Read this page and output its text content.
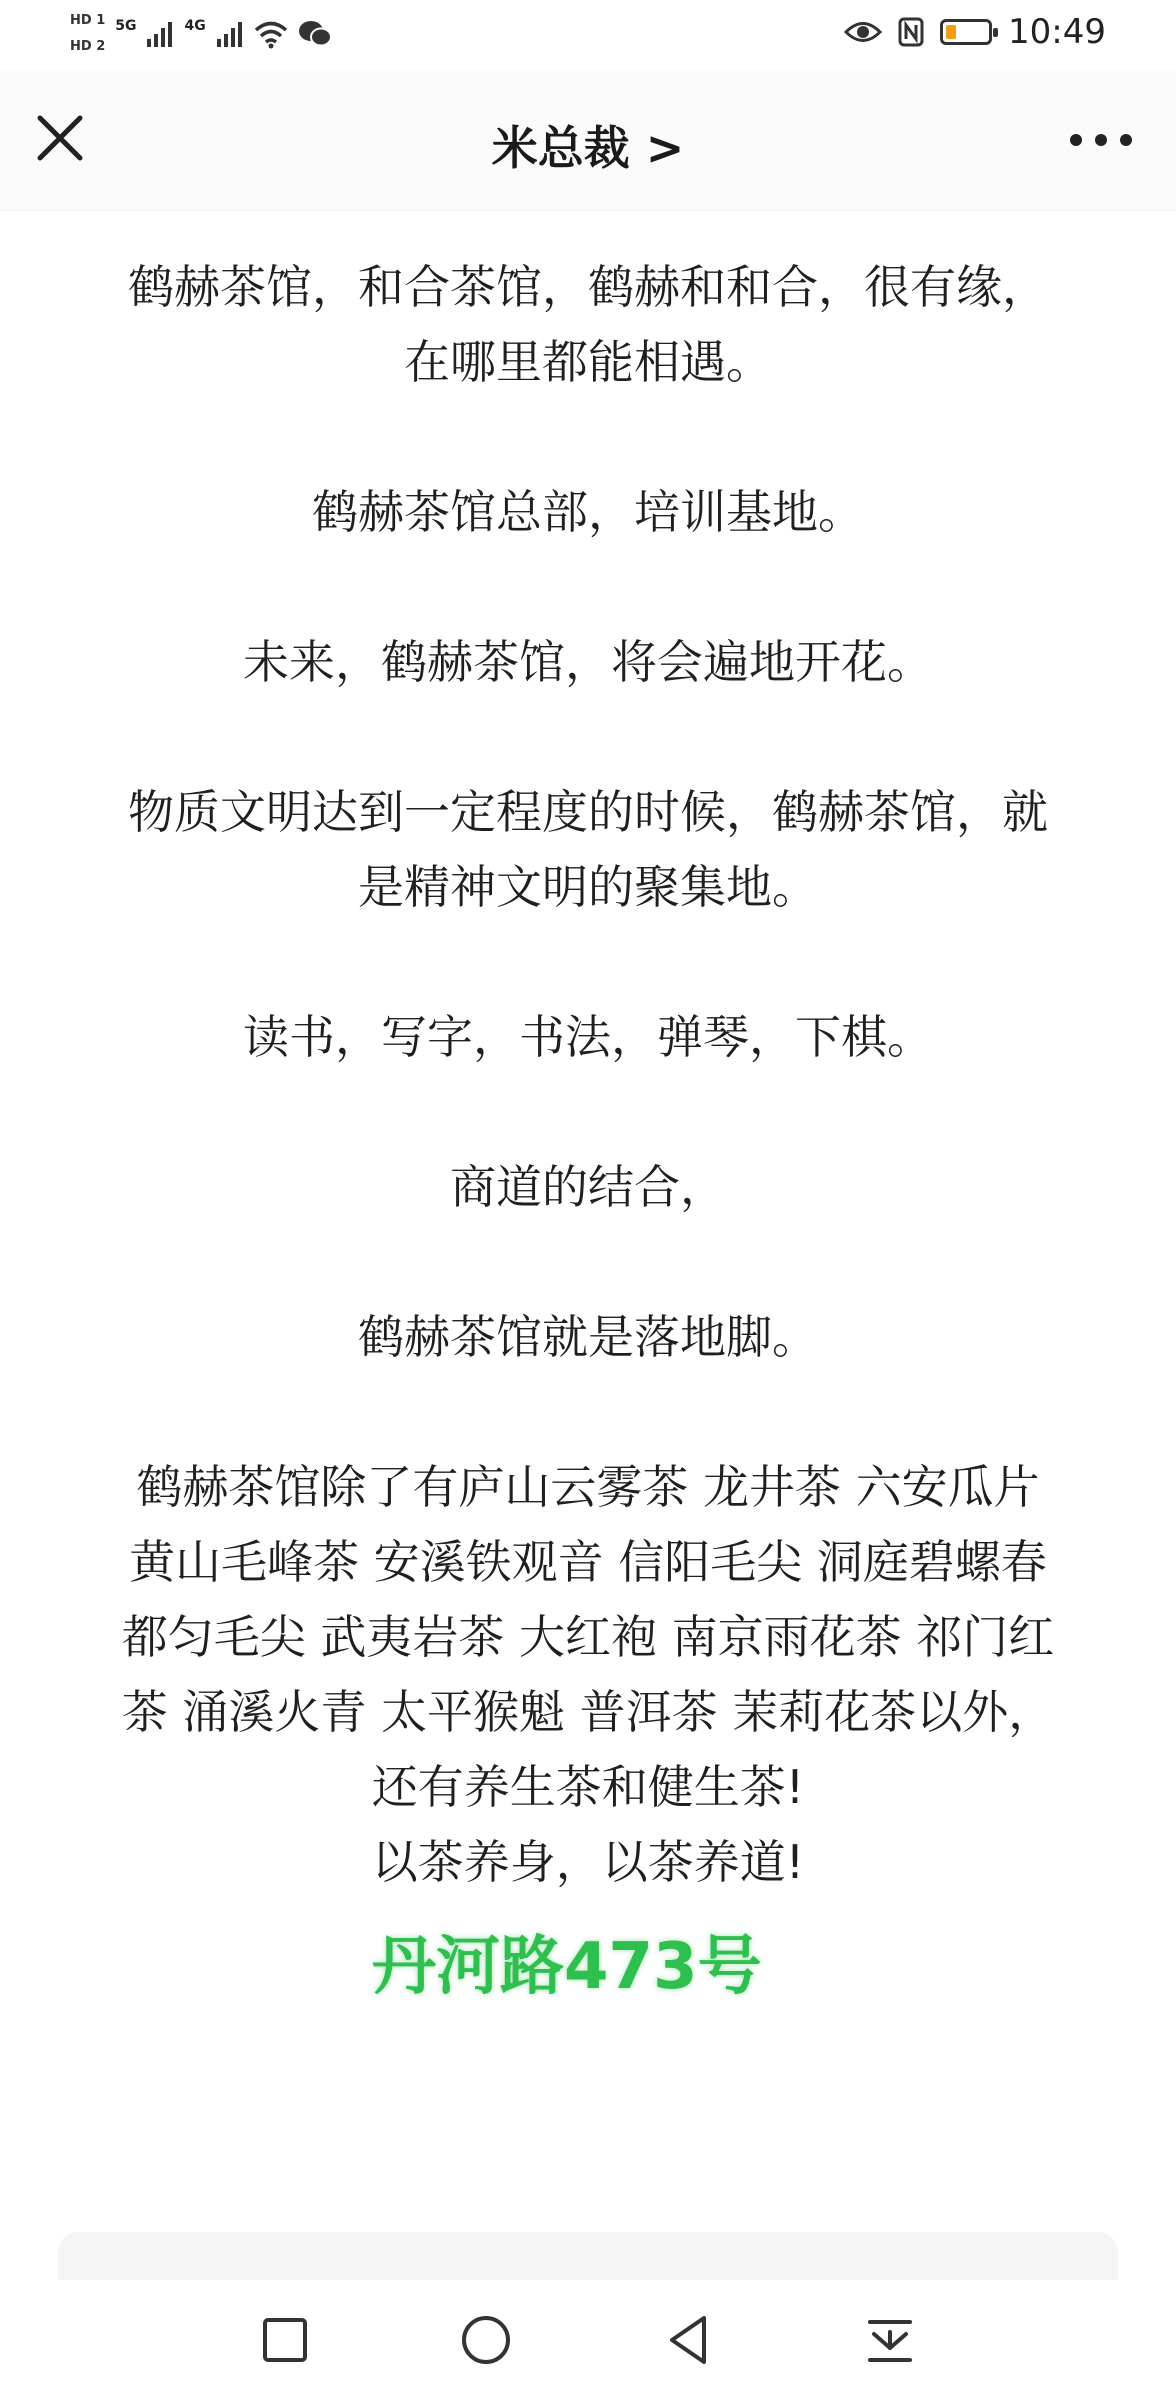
HD 1
HD 2
5G	4G	10:49
米总裁 >

鹤赫茶馆，和合茶馆，鹤赫和和合，很有缘，

在哪里都能相遇。

鹤赫茶馆总部，培训基地。

未来，鹤赫茶馆，将会遍地开花。

物质文明达到一定程度的时候，鹤赫茶馆，就

是精神文明的聚集地。

读书，写字，书法，弹琴，下棋。

商道的结合，

鹤赫茶馆就是落地脚。

鹤赫茶馆除了有庐山云雾茶 龙井茶 六安瓜片

黄山毛峰茶 安溪铁观音 信阳毛尖 洞庭碧螺春

都匀毛尖 武夷岩茶 大红袍 南京雨花茶 祁门红

茶 涌溪火青 太平猴魁 普洱茶 茉莉花茶以外，

还有养生茶和健生茶!

以茶养身，以茶养道!

丹河路473号
